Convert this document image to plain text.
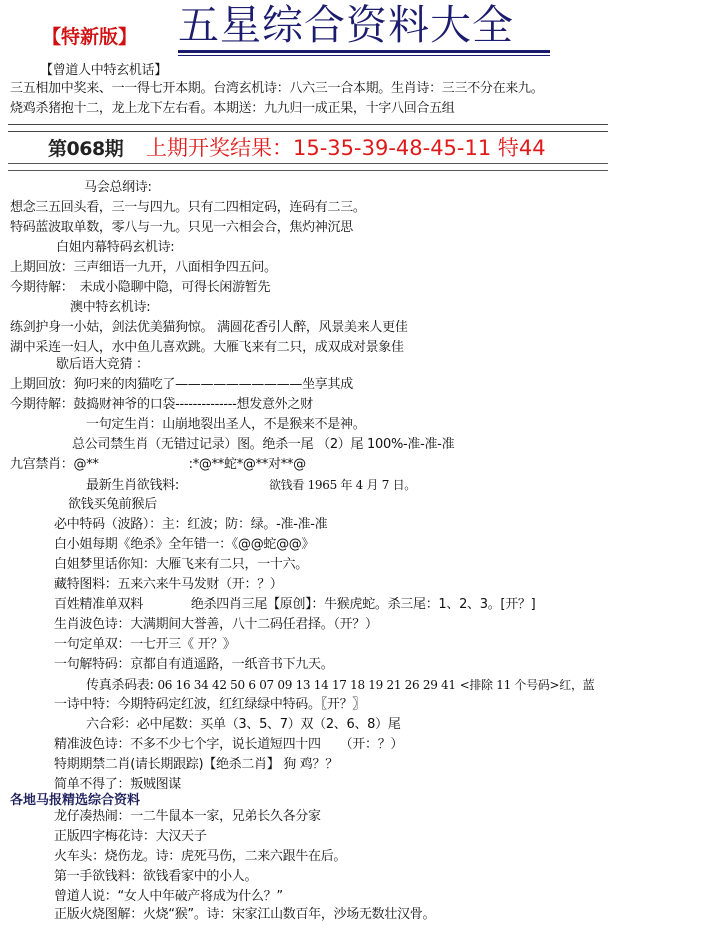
【特新版】 五星综合资料大全
【曾道人中特玄机话】
三五相加中奖来、一一得七开本期。台湾玄机诗：八六三一合本期。生肖诗：三三不分在来九。
烧鸡杀猪抱十二，龙上龙下左右看。本期送：九九归一成正果，十字八回合五组
第068期 上期开奖结果：15-35-39-48-45-11 特44
马会总纲诗:
想念三五回头看，三一与四九。只有二四相定码，连码有二三。
特码蓝波取单数，零八与一九。只见一六相会合，焦灼神沉思
白姐内幕特码玄机诗:
上期回放：三声细语一九开，八面相争四五问。
今期待解：　未成小隐聊中隐，可得长闲游暂先
澳中特玄机诗:
练剑护身一小姑，剑法优美猫狗惊。 满圆花香引人醉，风景美来人更佳
湖中采连一妇人，水中鱼儿喜欢跳。大雁飞来有二只，成双成对景象佳
歇后语大竞猜 ：
上期回放：狗叼来的肉猫吃了——————————坐享其成
今期待解：鼓捣财神爷的口袋--------------想发意外之财
一句定生肖：山崩地裂出圣人，不是猴来不是神。
总公司禁生肖（无错过记录）图。绝杀一尾 （2）尾 100%-准-准-准
九宫禁肖：@**	:*@**蛇*@**对**@
最新生肖欲钱料:	欲钱看 1965 年 4 月 7 日。
欲钱买兔前猴后
必中特码（波路）：主：红波；防：绿。-准-准-准
白小姐每期《绝杀》全年错一：《@@蛇@@》
白姐梦里话你知：大雁飞来有二只，一十六。
藏特图料：五来六来牛马发财（开：？）
百姓精准单双料	绝杀四肖三尾【原创】：牛猴虎蛇。杀三尾：1、2、3。[开？]
生肖波色诗：大满期间大誉善，八十二码任君择。（开？）
一句定单双：一七开三《 开？》
一句解特码：京都自有逍遥路，一纸音书下九天。
传真杀码表: 06 16 34 42 50 6 07 09 13 14 17 18 19 21 26 29 41 <排除 11 个号码>红，蓝
一诗中特：今期特码定红波，红红绿绿中特码。〖开？〗
六合彩：必中尾数：买单（3、5、7）双（2、6、8）尾
精准波色诗：不多不少七个字，说长道短四十四　　（开：？）
特期期禁二肖(请长期跟踪)【绝杀二肖】 狗 鸡？？
简单不得了：叛贼图谋
各地马报精选综合资料
龙仔凑热闹：一二牛鼠本一家，兄弟长久各分家
正版四字梅花诗：大汉天子
火车头：烧伤龙。诗：虎死马伤，二来六跟牛在后。
第一手欲钱料：欲钱看家中的小人。
曾道人说：“女人中年破产将成为什么？”
正版火烧图解：火烧“猴”。诗：宋家江山数百年，沙场无数壮汉骨。
